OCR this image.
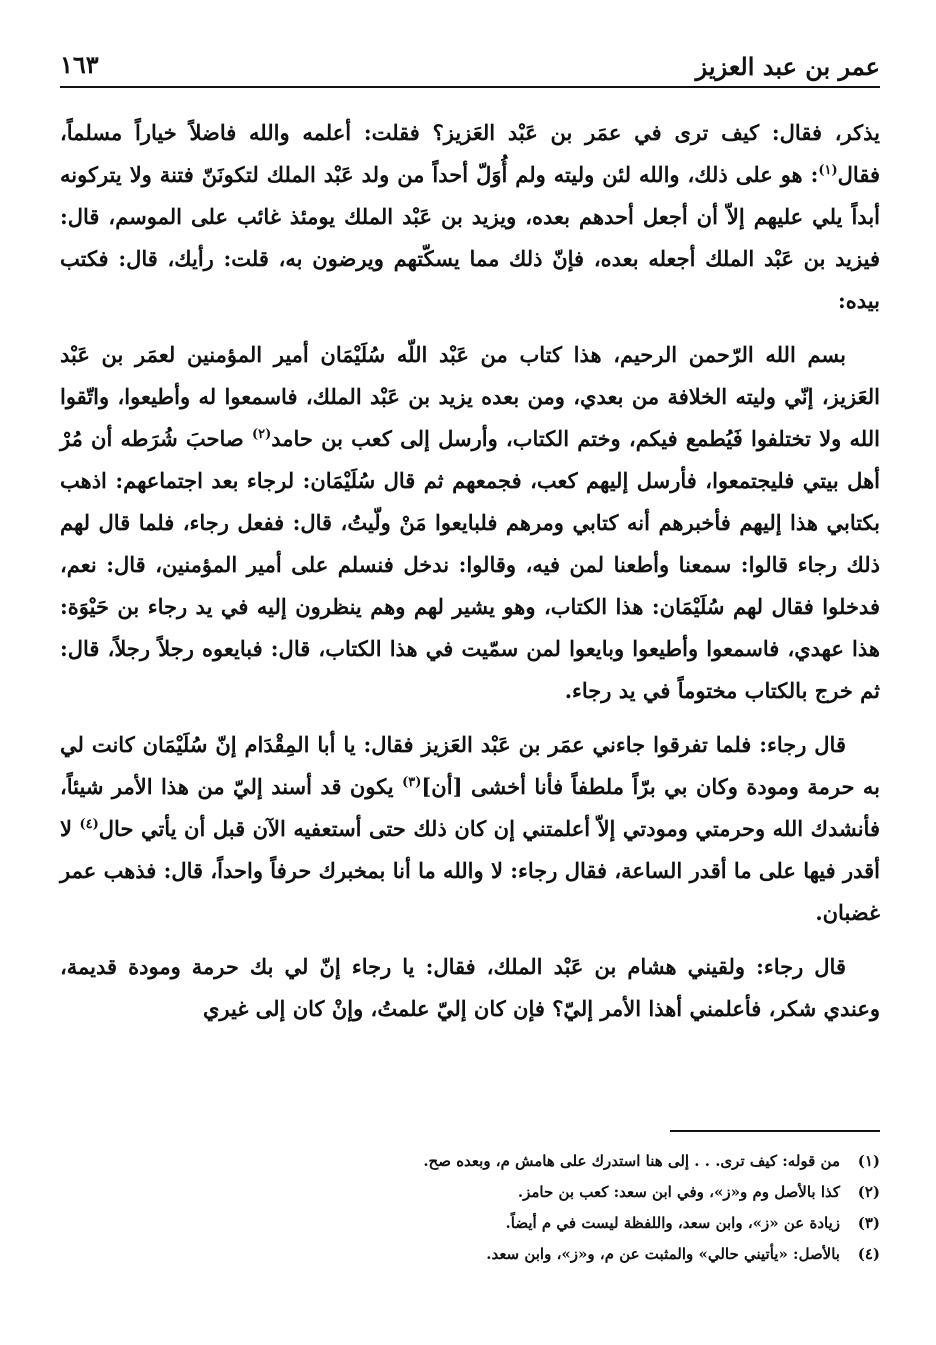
عمر بن عبد العزيز
١٦٣

يذكر، فقال: كيف ترى في عمَر بن عَبْد العَزيز؟ فقلت: أعلمه والله فاضلاً خياراً مسلماً، فقال$^{(١)}$: هو على ذلك، والله لئن وليته ولم أُوَلّ أحداً من ولد عَبْد الملك لتكونَنّ فتنة ولا يتركونه أبداً يلي عليهم إلاّ أن أجعل أحدهم بعده، ويزيد بن عَبْد الملك يومئذ غائب على الموسم، قال: فيزيد بن عَبْد الملك أجعله بعده، فإنّ ذلك مما يسكّتهم ويرضون به، قلت: رأيك، قال: فكتب بيده:

بسم الله الرّحمن الرحيم، هذا كتاب من عَبْد اللّه سُلَيْمَان أمير المؤمنين لعمَر بن عَبْد العَزيز، إنّي وليته الخلافة من بعدي، ومن بعده يزيد بن عَبْد الملك، فاسمعوا له وأطيعوا، واتّقوا الله ولا تختلفوا فَيُطمع فيكم، وختم الكتاب، وأرسل إلى كعب بن حامد$^{(٢)}$ صاحبَ شُرَطه أن مُرْ أهل بيتي فليجتمعوا، فأرسل إليهم كعب، فجمعهم ثم قال سُلَيْمَان: لرجاء بعد اجتماعهم: اذهب بكتابي هذا إليهم فأخبرهم أنه كتابي ومرهم فلبايعوا مَنْ ولّيتُ، قال: ففعل رجاء، فلما قال لهم ذلك رجاء قالوا: سمعنا وأطعنا لمن فيه، وقالوا: ندخل فنسلم على أمير المؤمنين، قال: نعم، فدخلوا فقال لهم سُلَيْمَان: هذا الكتاب، وهو يشير لهم وهم ينظرون إليه في يد رجاء بن حَيْوَة: هذا عهدي، فاسمعوا وأطيعوا وبايعوا لمن سمّيت في هذا الكتاب، قال: فبايعوه رجلاً رجلاً، قال: ثم خرج بالكتاب مختوماً في يد رجاء.

قال رجاء: فلما تفرقوا جاءني عمَر بن عَبْد العَزيز فقال: يا أبا المِقْدَام إنّ سُلَيْمَان كانت لي به حرمة ومودة وكان بي برّاً ملطفاً فأنا أخشى [أن]$^{(٣)}$ يكون قد أسند إليّ من هذا الأمر شيئاً، فأنشدك الله وحرمتي ومودتي إلاّ أعلمتني إن كان ذلك حتى أستعفيه الآن قبل أن يأتي حال$^{(٤)}$ لا أقدر فيها على ما أقدر الساعة، فقال رجاء: لا والله ما أنا بمخبرك حرفاً واحداً، قال: فذهب عمر غضبان.

قال رجاء: ولقيني هشام بن عَبْد الملك، فقال: يا رجاء إنّ لي بك حرمة ومودة قديمة، وعندي شكر، فأعلمني أهذا الأمر إليّ؟ فإن كان إليّ علمتُ، وإنْ كان إلى غيري

(١)
من قوله: كيف ترى. . . إلى هنا استدرك على هامش م، وبعده صح.

(٢)
كذا بالأصل وم و«ز»، وفي ابن سعد: كعب بن حامز.

(٣)
زيادة عن «ز»، وابن سعد، واللفظة ليست في م أيضاً.

(٤)
بالأصل: «يأتيني حالي» والمثبت عن م، و«ز»، وابن سعد.
